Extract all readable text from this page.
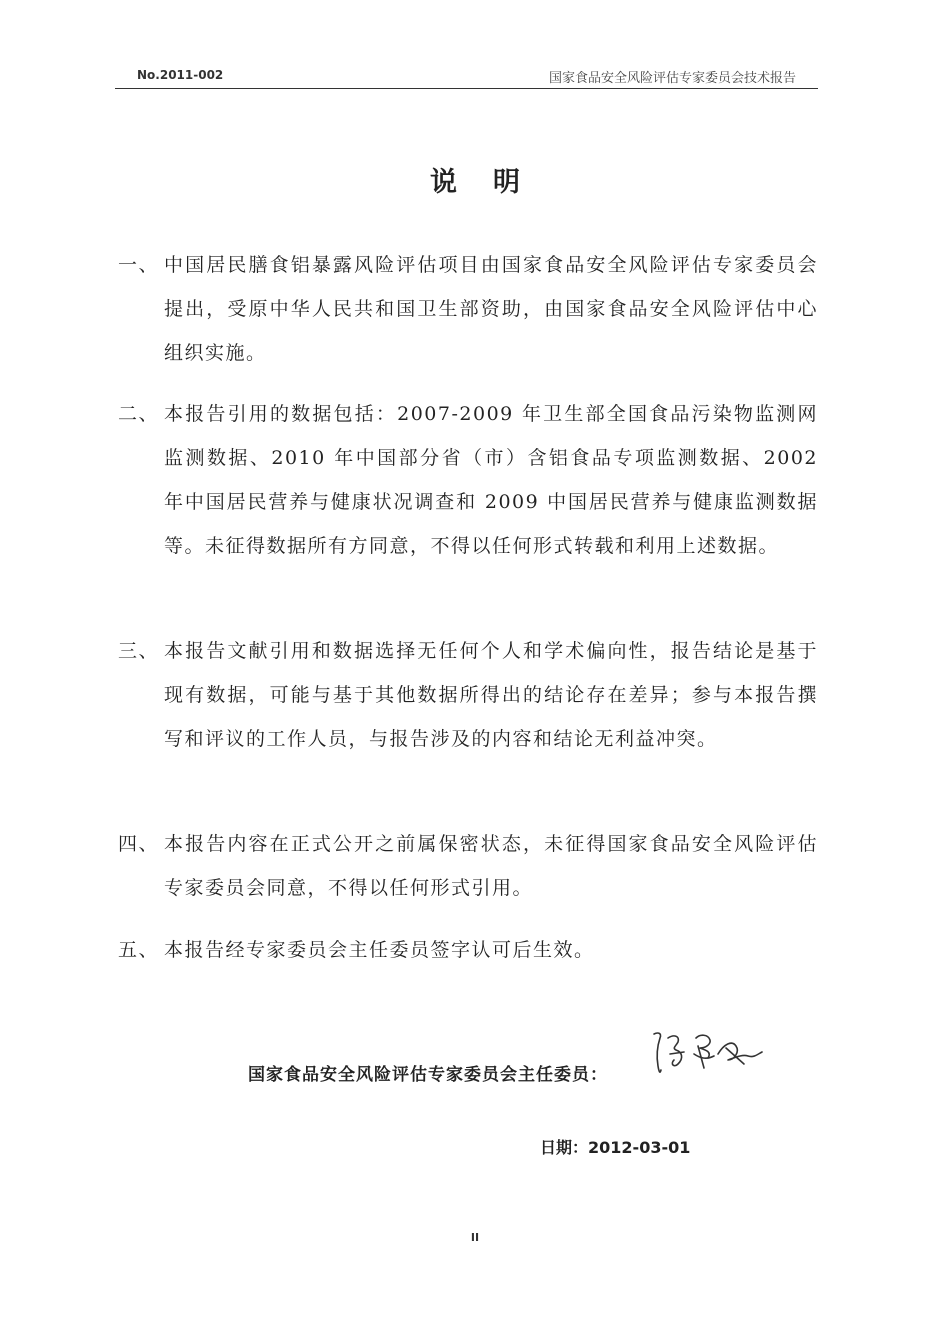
No.2011-002	国家食品安全风险评估专家委员会技术报告
说明
一、 中国居民膳食铝暴露风险评估项目由国家食品安全风险评估专家委员会提出，受原中华人民共和国卫生部资助，由国家食品安全风险评估中心组织实施。
二、 本报告引用的数据包括：2007-2009 年卫生部全国食品污染物监测网监测数据、2010 年中国部分省（市）含铝食品专项监测数据、2002 年中国居民营养与健康状况调查和 2009 中国居民营养与健康监测数据等。未征得数据所有方同意，不得以任何形式转载和利用上述数据。
三、 本报告文献引用和数据选择无任何个人和学术偏向性，报告结论是基于现有数据，可能与基于其他数据所得出的结论存在差异；参与本报告撰写和评议的工作人员，与报告涉及的内容和结论无利益冲突。
四、 本报告内容在正式公开之前属保密状态，未征得国家食品安全风险评估专家委员会同意，不得以任何形式引用。
五、 本报告经专家委员会主任委员签字认可后生效。
国家食品安全风险评估专家委员会主任委员：
日期：2012-03-01
II
